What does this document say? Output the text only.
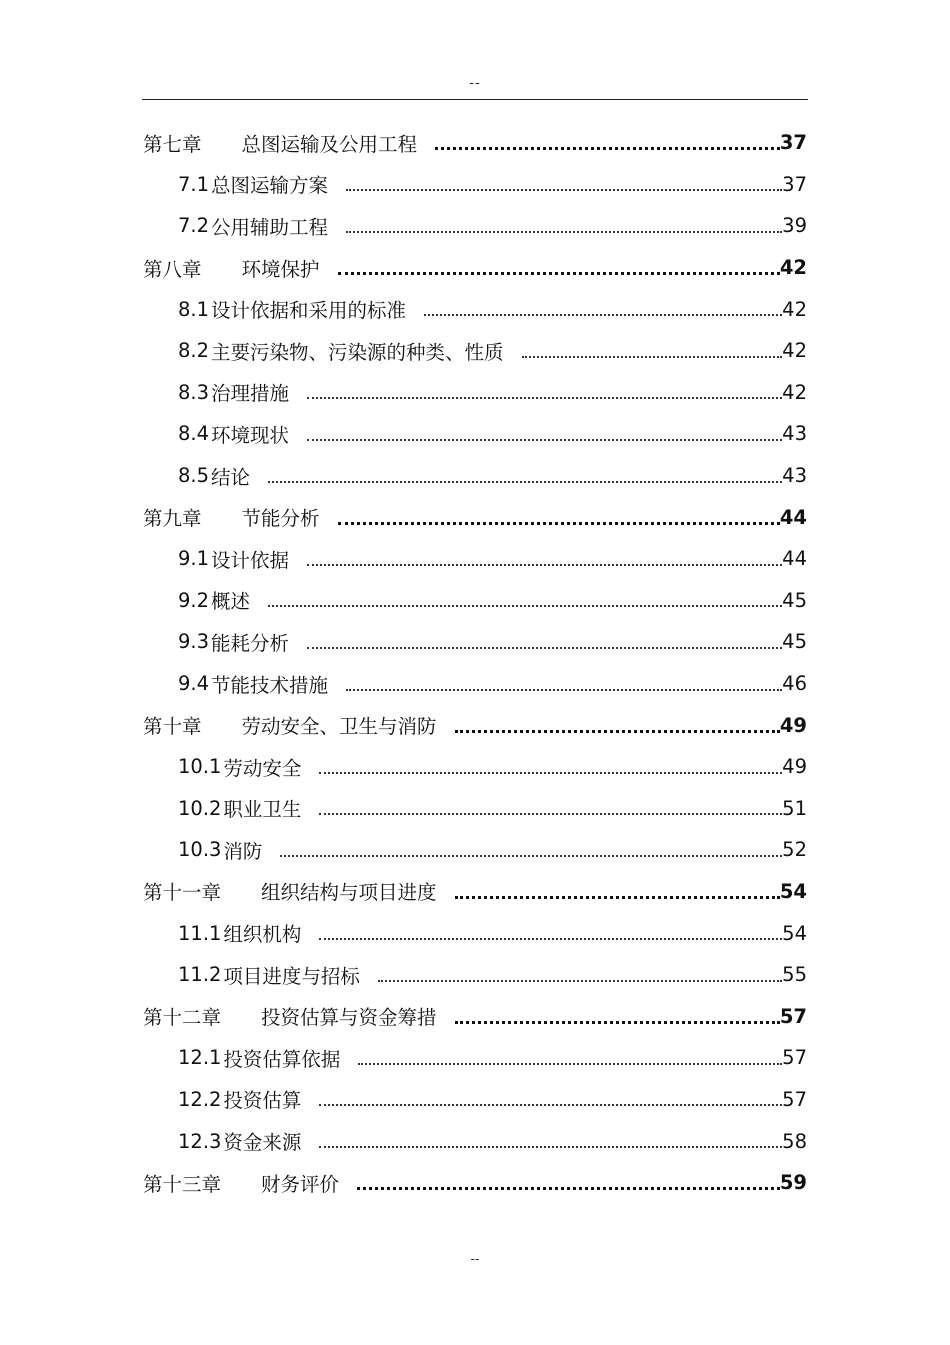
--
第七章 总图运输及公用工程	37
7.1 总图运输方案	37
7.2 公用辅助工程	39
第八章 环境保护	42
8.1 设计依据和采用的标准	42
8.2 主要污染物、污染源的种类、性质	42
8.3 治理措施	42
8.4 环境现状	43
8.5 结论	43
第九章 节能分析	44
9.1 设计依据	44
9.2 概述	45
9.3 能耗分析	45
9.4 节能技术措施	46
第十章 劳动安全、卫生与消防	49
10.1 劳动安全	49
10.2 职业卫生	51
10.3 消防	52
第十一章 组织结构与项目进度	54
11.1 组织机构	54
11.2 项目进度与招标	55
第十二章 投资估算与资金筹措	57
12.1 投资估算依据	57
12.2 投资估算	57
12.3 资金来源	58
第十三章 财务评价	59
--
